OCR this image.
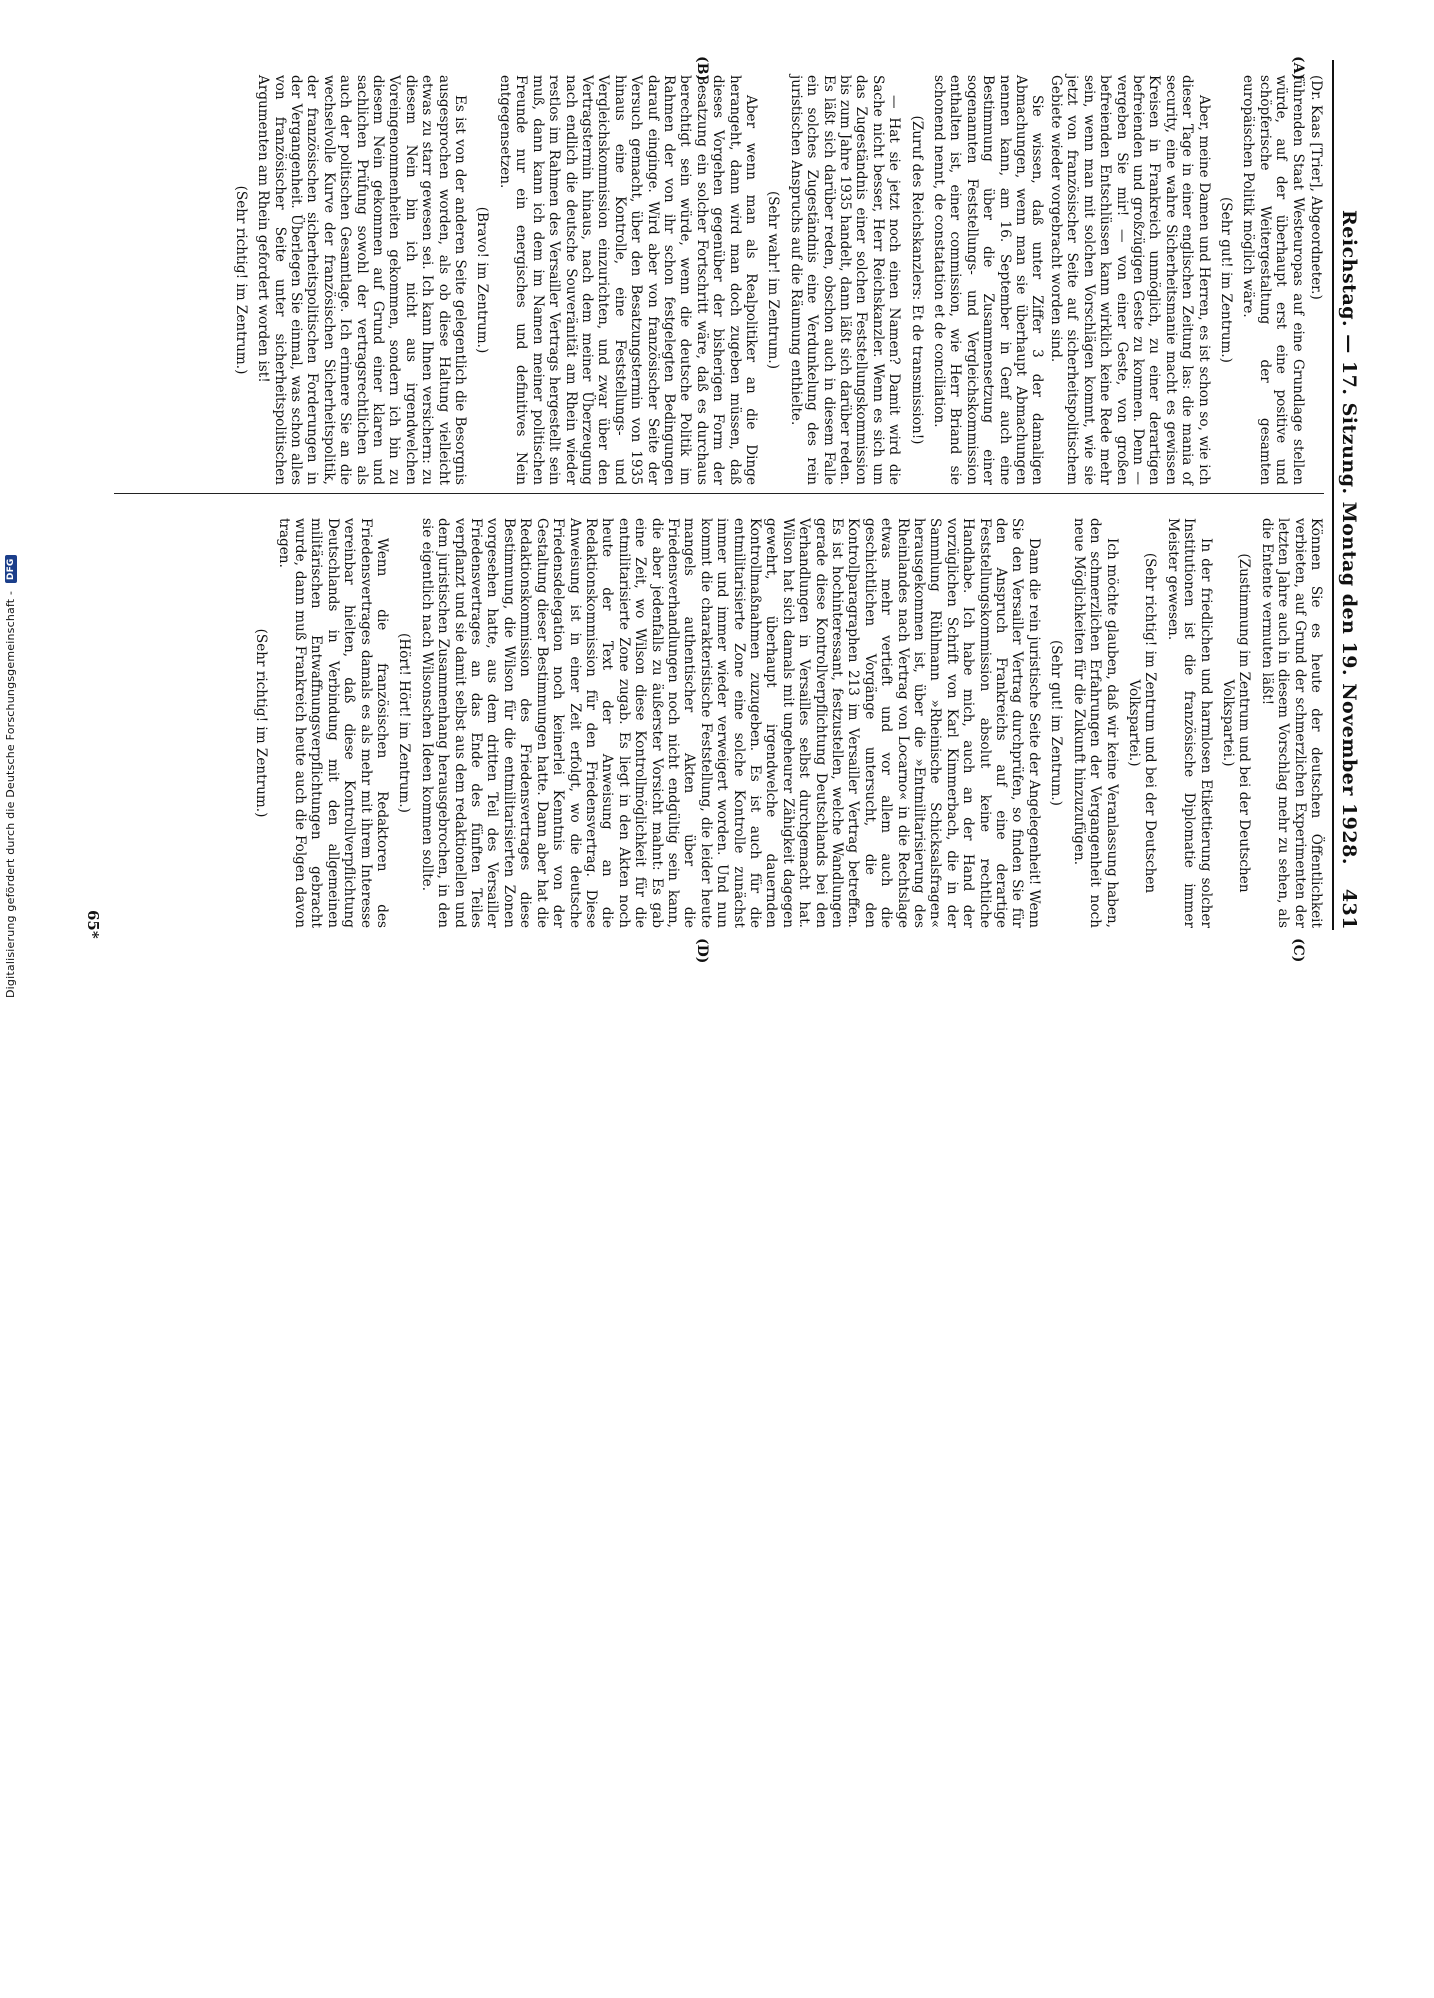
Reichstag. — 17. Sitzung. Montag den 19. November 1928.
431
(A)
(B)
(C)
(D)

(Dr. Kaas [Trier], Abgeordneter.)

führenden Staat Westeuropas auf eine Grundlage stellen würde, auf der überhaupt erst eine positive und schöpferische Weitergestaltung der gesamten europäischen Politik möglich wäre.

(Sehr gut! im Zentrum.)

Aber, meine Damen und Herren, es ist schon so, wie ich dieser Tage in einer englischen Zeitung las: die mania of security, eine wahre Sicherheitsmanie macht es gewissen Kreisen in Frankreich unmöglich, zu einer derartigen befreienden und großzügigen Geste zu kommen. Denn — vergeben Sie mir! — von einer Geste, von großen befreienden Entschlüssen kann wirklich keine Rede mehr sein, wenn man mit solchen Vorschlägen kommt, wie sie jetzt von französischer Seite auf sicherheitspolitischem Gebiete wieder vorgebracht worden sind.

Sie wissen, daß unter Ziffer 3 der damaligen Abmachungen, wenn man sie überhaupt Abmachungen nennen kann, am 16. September in Genf auch eine Bestimmung über die Zusammensetzung einer sogenannten Feststellungs- und Vergleichskommission enthalten ist, einer commission, wie Herr Briand sie schonend nennt, de constatation et de conciliation.

(Zuruf des Reichskanzlers: Et de transmission!)

— Hat sie jetzt noch einen Namen? Damit wird die Sache nicht besser, Herr Reichskanzler. Wenn es sich um das Zugeständnis einer solchen Feststellungskommission bis zum Jahre 1935 handelt, dann läßt sich darüber reden. Es läßt sich darüber reden, obschon auch in diesem Falle ein solches Zugeständnis eine Verdunkelung des rein juristischen Anspruchs auf die Räumung enthielte.

(Sehr wahr! im Zentrum.)

Aber wenn man als Realpolitiker an die Dinge herangeht, dann wird man doch zugeben müssen, daß dieses Vorgehen gegenüber der bisherigen Form der Besatzung ein solcher Fortschritt wäre, daß es durchaus berechtigt sein würde, wenn die deutsche Politik im Rahmen der von ihr schon festgelegten Bedingungen darauf einginge. Wird aber von französischer Seite der Versuch gemacht, über den Besatzungstermin von 1935 hinaus eine Kontrolle, eine Feststellungs- und Vergleichskommission einzurichten, und zwar über den Vertragstermin hinaus, nach dem meiner Überzeugung nach endlich die deutsche Souveränität am Rhein wieder restlos im Rahmen des Versailler Vertrags hergestellt sein muß, dann kann ich dem im Namen meiner politischen Freunde nur ein energisches und definitives Nein entgegensetzen.

(Bravo! im Zentrum.)

Es ist von der anderen Seite gelegentlich die Besorgnis ausgesprochen worden, als ob diese Haltung vielleicht etwas zu starr gewesen sei. Ich kann Ihnen versichern: zu diesem Nein bin ich nicht aus irgendwelchen Voreingenommenheiten gekommen, sondern ich bin zu diesem Nein gekommen auf Grund einer klaren und sachlichen Prüfung sowohl der vertragsrechtlichen als auch der politischen Gesamtlage. Ich erinnere Sie an die wechselvolle Kurve der französischen Sicherheitspolitik, der französischen sicherheitspolitischen Forderungen in der Vergangenheit. Überlegen Sie einmal, was schon alles von französischer Seite unter sicherheitspolitischen Argumenten am Rhein gefordert worden ist!

(Sehr richtig! im Zentrum.)

Können Sie es heute der deutschen Öffentlichkeit verbieten, auf Grund der schmerzlichen Experimenten der letzten Jahre auch in diesem Vorschlag mehr zu sehen, als die Entente vermuten läßt!

(Zustimmung im Zentrum und bei der Deutschen Volkspartei.)

In der friedlichen und harmlosen Etikettierung solcher Institutionen ist die französische Diplomatie immer Meister gewesen.

(Sehr richtig! im Zentrum und bei der Deutschen Volkspartei.)

Ich möchte glauben, daß wir keine Veranlassung haben, den schmerzlichen Erfahrungen der Vergangenheit noch neue Möglichkeiten für die Zukunft hinzuzufügen.

(Sehr gut! im Zentrum.)

Dann die rein juristische Seite der Angelegenheit! Wenn Sie den Versailler Vertrag durchprüfen, so finden Sie für den Anspruch Frankreichs auf eine derartige Feststellungskommission absolut keine rechtliche Handhabe. Ich habe mich, auch an der Hand der vorzüglichen Schrift von Karl Kimmerbach, die in der Sammlung Rühlmann »Rheinische Schicksalsfragen« herausgekommen ist, über die »Entmilitarisierung des Rheinlandes nach Vertrag von Locarno« in die Rechtslage etwas mehr vertieft und vor allem auch die geschichtlichen Vorgänge untersucht, die den Kontrollparagraphen 213 im Versailler Vertrag betreffen. Es ist hochinteressant, festzustellen, welche Wandlungen gerade diese Kontrollverpflichtung Deutschlands bei den Verhandlungen in Versailles selbst durchgemacht hat. Wilson hat sich damals mit ungeheurer Zähigkeit dagegen gewehrt, überhaupt irgendwelche dauernden Kontrollmaßnahmen zuzugeben. Es ist auch für die entmilitarisierte Zone eine solche Kontrolle zunächst immer und immer wieder verweigert worden. Und nun kommt die charakteristische Feststellung, die leider heute mangels authentischer Akten über die Friedensverhandlungen noch nicht endgültig sein kann, die aber jedenfalls zu äußerster Vorsicht mahnt: Es gab eine Zeit, wo Wilson diese Kontrollmöglichkeit für die entmilitarisierte Zone zugab. Es liegt in den Akten noch heute der Text der Anweisung an die Redaktionskommission für den Friedensvertrag. Diese Anweisung ist in einer Zeit erfolgt, wo die deutsche Friedensdelegation noch keinerlei Kenntnis von der Gestaltung dieser Bestimmungen hatte. Dann aber hat die Redaktionskommission des Friedensvertrages diese Bestimmung, die Wilson für die entmilitarisierten Zonen vorgesehen hatte, aus dem dritten Teil des Versailler Friedensvertrages an das Ende des fünften Teiles verpflanzt und sie damit selbst aus dem redaktionellen und dem juristischen Zusammenhang herausgebrochen, in den sie eigentlich nach Wilsonschen Ideen kommen sollte.

(Hört! Hört! im Zentrum.)

Wenn die französischen Redaktoren des Friedensvertrages damals es als mehr mit ihrem Interesse vereinbar hielten, daß diese Kontrollverpflichtung Deutschlands in Verbindung mit den allgemeinen militärischen Entwaffnungsverpflichtungen gebracht wurde, dann muß Frankreich heute auch die Folgen davon tragen.

(Sehr richtig! im Zentrum.)

65*
Digitalisierung gefördert durch die Deutsche Forschungsgemeinschaft - DFG
